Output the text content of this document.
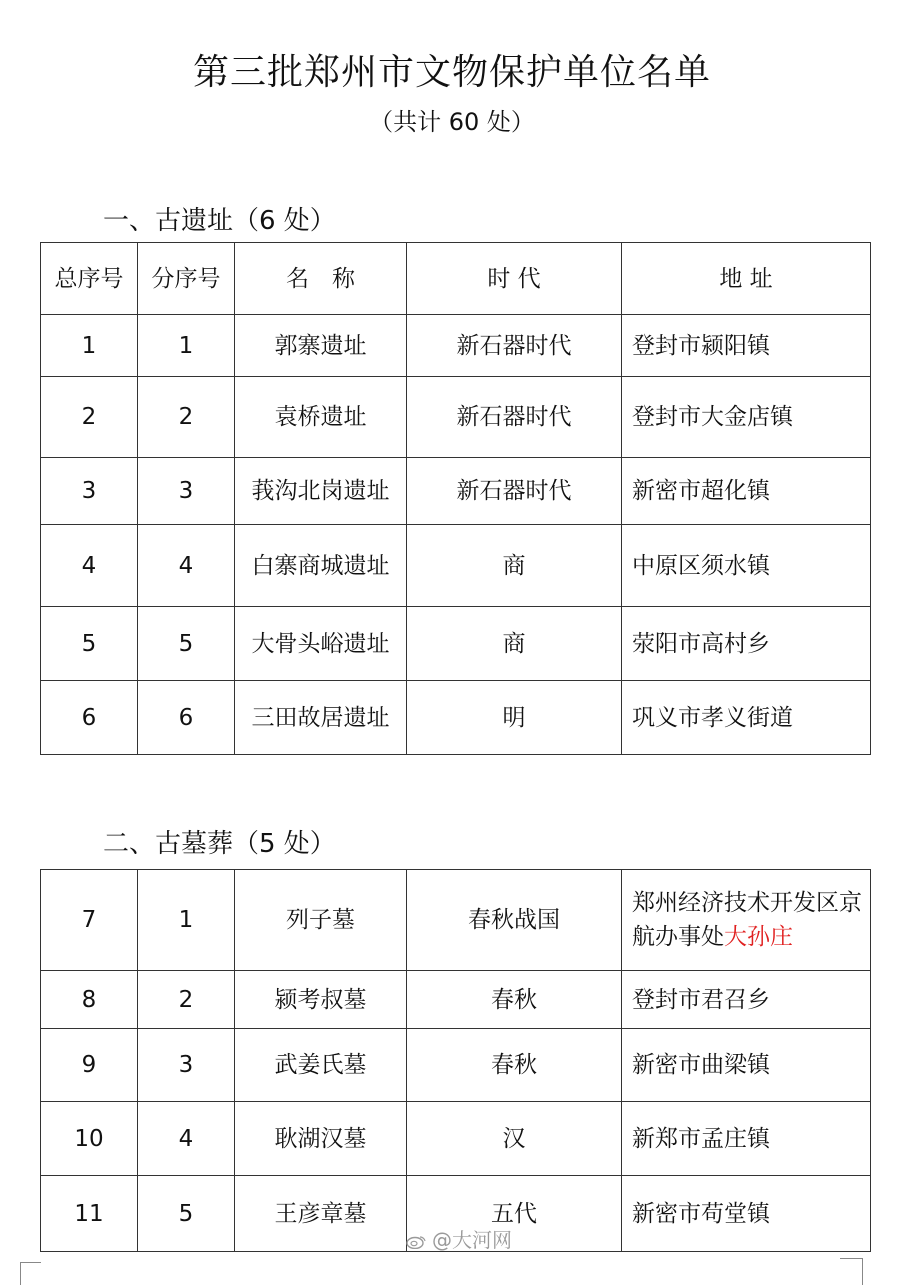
第三批郑州市文物保护单位名单
（共计 60 处）
一、古遗址（6 处）
总序号	分序号	名　称	时 代	地 址
1	1	郭寨遗址	新石器时代	登封市颍阳镇
2	2	袁桥遗址	新石器时代	登封市大金店镇
3	3	莪沟北岗遗址	新石器时代	新密市超化镇
4	4	白寨商城遗址	商	中原区须水镇
5	5	大骨头峪遗址	商	荥阳市高村乡
6	6	三田故居遗址	明	巩义市孝义街道
二、古墓葬（5 处）
7	1	列子墓	春秋战国	郑州经济技术开发区京航办事处大孙庄
8	2	颍考叔墓	春秋	登封市君召乡
9	3	武姜氏墓	春秋	新密市曲梁镇
10	4	耿湖汉墓	汉	新郑市孟庄镇
11	5	王彦章墓	五代	新密市苟堂镇
@大河网
